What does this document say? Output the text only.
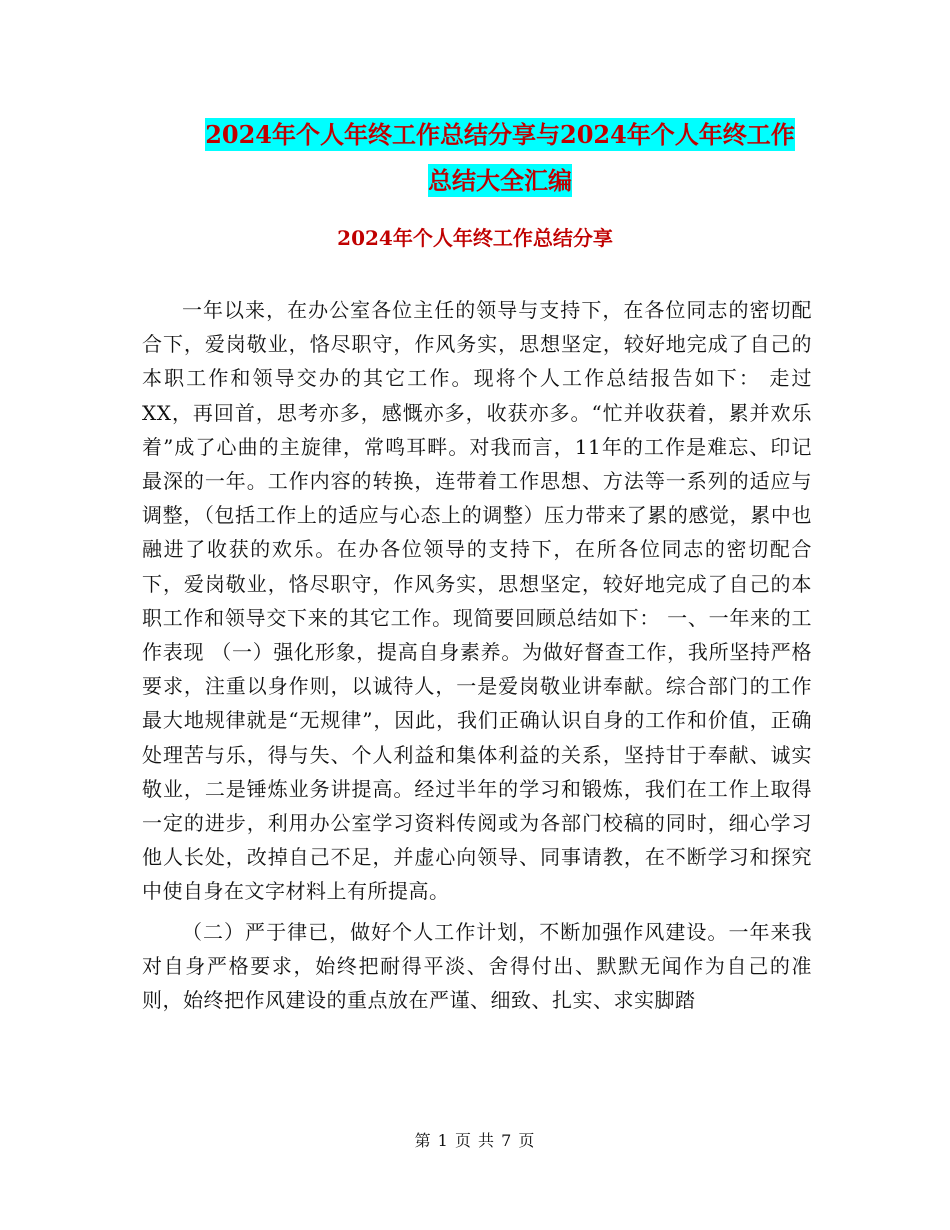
2024年个人年终工作总结分享与2024年个人年终工作
总结大全汇编
2024年个人年终工作总结分享

一年以来，在办公室各位主任的领导与支持下，在各位同志的密切配合下，爱岗敬业，恪尽职守，作风务实，思想坚定，较好地完成了自己的本职工作和领导交办的其它工作。现将个人工作总结报告如下： 走过XX，再回首，思考亦多，感慨亦多，收获亦多。“忙并收获着，累并欢乐着”成了心曲的主旋律，常鸣耳畔。对我而言，11年的工作是难忘、印记最深的一年。工作内容的转换，连带着工作思想、方法等一系列的适应与调整，（包括工作上的适应与心态上的调整）压力带来了累的感觉，累中也融进了收获的欢乐。在办各位领导的支持下，在所各位同志的密切配合下，爱岗敬业，恪尽职守，作风务实，思想坚定，较好地完成了自己的本职工作和领导交下来的其它工作。现简要回顾总结如下： 一、一年来的工作表现 （一）强化形象，提高自身素养。为做好督查工作，我所坚持严格要求，注重以身作则，以诚待人，一是爱岗敬业讲奉献。综合部门的工作最大地规律就是“无规律”，因此，我们正确认识自身的工作和价值，正确处理苦与乐，得与失、个人利益和集体利益的关系，坚持甘于奉献、诚实敬业，二是锤炼业务讲提高。经过半年的学习和锻炼，我们在工作上取得一定的进步，利用办公室学习资料传阅或为各部门校稿的同时，细心学习他人长处，改掉自己不足，并虚心向领导、同事请教，在不断学习和探究中使自身在文字材料上有所提高。

（二）严于律已，做好个人工作计划，不断加强作风建设。一年来我对自身严格要求，始终把耐得平淡、舍得付出、默默无闻作为自己的准则，始终把作风建设的重点放在严谨、细致、扎实、求实脚踏

第 1 页 共 7 页
